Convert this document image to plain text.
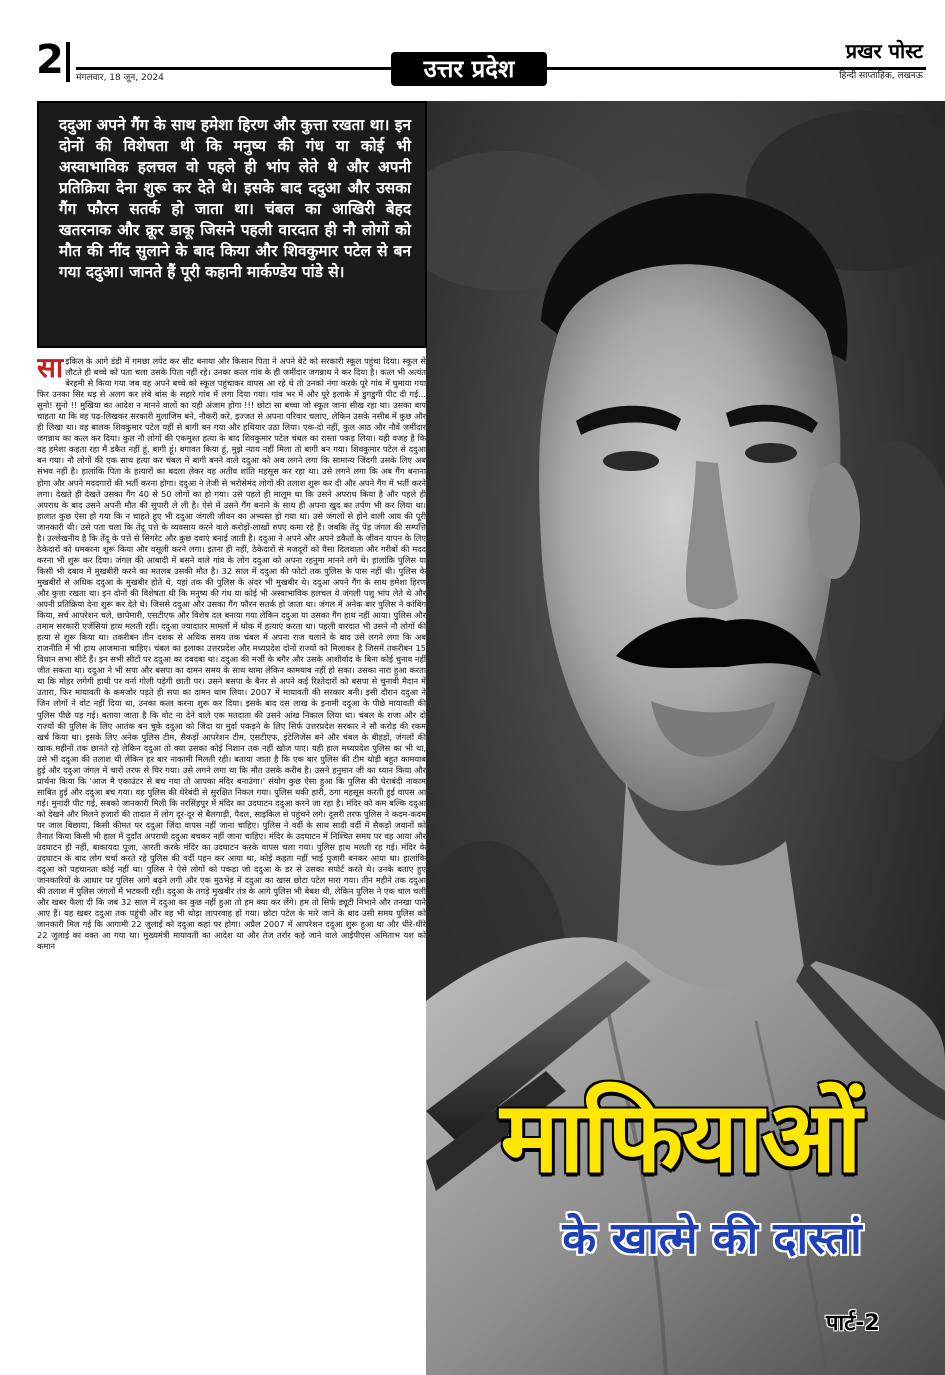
2 मंगलवार, 18 जून, 2024	उत्तर प्रदेश
प्रखर पोस्ट
हिन्दी साप्ताहिक, लखनऊ

ददुआ अपने गैंग के साथ हमेशा हिरण और कुत्ता रखता था। इन दोनों की विशेषता थी कि मनुष्य की गंध या कोई भी अस्वाभाविक हलचल वो पहले ही भांप लेते थे और अपनी प्रतिक्रिया देना शुरू कर देते थे। इसके बाद ददुआ और उसका गैंग फौरन सतर्क हो जाता था। चंबल का आखिरी बेहद खतरनाक और क्रूर डाकू जिसने पहली वारदात ही नौ लोगों को मौत की नींद सुलाने के बाद किया और शिवकुमार पटेल से बन गया ददुआ। जानते हैं पूरी कहानी मार्कण्डेय पांडे से।

साइकिल के आगे डंडी में गमछा लपेट कर सीट बनाया और किसान पिता ने अपने बेटे को सरकारी स्कूल पहुंचा दिया। स्कूल से लौटते ही बच्चे को पता चला उसके पिता नहीं रहे। उनका कत्ल गांव के ही जमींदार जगन्नाथ ने कर दिया है। कत्ल भी अत्यंत बेरहमी से किया गया जब वह अपने बच्चे को स्कूल पहुंचाकर वापस आ रहे थे तो उनको नंगा करके पूरे गांव में घुमाया गया फिर उनका सिर धड़ से अलग कर लंबे बांस के सहारे गांव में लगा दिया गया। गांव भर में और पूरे इलाके में डुगडुगी पीट दी गई... सुनो! सुनो !! मुखिया का आदेश न मानने वालों का यही अंजाम होगा !!! छोटा सा बच्चा जो स्कूल जाना सीख रहा था। उसका बाप चाहता था कि वह पढ़-लिखकर सरकारी मुलाजिम बने, नौकरी करे, इज्जत से अपना परिवार चलाए, लेकिन उसके नसीब में कुछ और ही लिखा था। वह बालक शिवकुमार पटेल यहीं से बागी बन गया और हथियार उठा लिया। एक-दो नहीं, कुल आठ और नौवें जमींदार जगन्नाथ का कत्ल कर दिया। कुल नौ लोगों की एकमुश्त हत्या के बाद शिवकुमार पटेल चंबल का रास्ता पकड़ लिया। यही वजह है कि वह हमेशा कहता रहा मैं डकैत नहीं हूं, बागी हूं। बगावत किया हूं, मुझे न्याय नहीं मिला तो बागी बन गया। शिवकुमार पटेल से ददुआ बन गया। नौ लोगों की एक साथ हत्या कर चंबल में बागी बनने वाले ददुआ को अब लगने लगा कि सामान्य जिंदगी उसके लिए अब संभव नहीं है। हालांकि पिता के हत्यारों का बदला लेकर वह अतीव शांति महसूस कर रहा था। उसे लगने लगा कि अब गैंग बनाना होगा और अपने मददगारों की भर्ती करना होगा। ददुआ ने तेजी से भरोसेमंद लोगों की तलाश शुरू कर दी और अपने गैंग में भर्ती करने लगा। देखते ही देखते उसका गैंग 40 से 50 लोगों का हो गया। उसे पहले ही मालूम था कि उसने अपराध किया है और पहले ही अपराध के बाद उसने अपनी मौत की सुपारी ले ली है। ऐसे में उसने गैंग बनाने के साथ ही अपना खुद का तर्पण भी कर लिया था। हालात कुछ ऐसा हो गया कि न चाहते हुए भी ददुआ जंगली जीवन का अभ्यस्त हो गया था। उसे जंगलों से होने वाली आय की पूरी जानकारी थी। उसे पता चला कि तेंदू पत्ते के व्यवसाय करने वाले करोड़ों-लाखों रुपए कमा रहे हैं। जबकि तेंदू पेड़ जंगल की सम्पत्ति है। उल्लेखनीय है कि तेंदू के पत्ते से सिगरेट और कुछ दवाएं बनाई जाती है। ददुआ ने अपने और अपने डकैतों के जीवन यापन के लिए ठेकेदारों को धमकाना शुरू किया और वसूली करने लगा। इतना ही नहीं, ठेकेदारों से मजदूरों को पैसा दिलवाता और गरीबों की मदद करना भी शुरू कर दिया। जंगल की आबादी में बसने वाले गांव के लोग ददुआ को अपना रहनुमा मानने लगे थे। हालांकि पुलिस या किसी भी दबाव में मुखबीरी करने का मतलब उसकी मौत है। 32 साल में ददुआ की फोटो तक पुलिस के पास नहीं थी। पुलिस के मुखबीरों से अधिक ददुआ के मुखबीर होते थे, यहां तक की पुलिस के अंदर भी मुखबीर थे। ददुआ अपने गैंग के साथ हमेशा हिरण और कुत्ता रखता था। इन दोनों की विशेषता थी कि मनुष्य की गंध या कोई भी अस्वाभाविक हलचल ये जंगली पशु भांप लेते थे और अपनी प्रतिक्रिया देना शुरू कर देते थे। जिससे ददुआ और उसका गैंग फौरन सतर्क हो जाता था। जंगल में अनेक बार पुलिस ने कांबिंग किया, सर्च आपरेशन चले, छापेमारी, एसटीएफ और विशेष दल बनाया गया लेकिन ददुआ या उसका गैंग हाथ नहीं आया। पुलिस और तमाम सरकारी एजेंसियां हाथ मलती रहीं। ददुआ ज्यादातर मामलों में थोक में हत्याएं करता था। पहली वारदात भी उसने नौ लोगों की हत्या से शुरू किया था। तकरीबन तीन दशक से अधिक समय तक चंबल में अपना राज चलाने के बाद उसे लगने लगा कि अब राजनीति में भी हाथ आजमाना चाहिए। चंबल का इलाका उत्तरप्रदेश और मध्यप्रदेश दोनों राज्यों को मिलाकर है जिसमें तकरीबन 15 विधान सभा सीटें हैं। इन सभी सीटों पर ददुआ का दबदबा था। ददुआ की मर्जी के बगैर और उसके आशीर्वाद के बिना कोई चुनाव नहीं जीत सकता था। ददुआ ने भी सपा और बसपा का दामन समय के साथ थामा लेकिन कामयाब नहीं हो सका। उसका नारा हुआ करता था कि मोहर लगेगी हाथी पर वर्ना गोली पड़ेगी छाती पर। उसने बसपा के बैनर से अपने कई रिश्तेदारों को बसपा से चुनावी मैदान में उतारा, फिर मायावती के कमजोर पड़ते ही सपा का दामन थाम लिया। 2007 में मायावती की सरकार बनी। इसी दौरान ददुआ ने जिन लोगों ने वोट नहीं दिया था, उनका कत्ल करना शुरू कर दिया। इसके बाद दस लाख के इनामी ददुआ के पीछे मायावती की पुलिस पीछे पड़ गई। बताया जाता है कि वोट ना देने वाले एक मतदाता की उसने आंख निकाल लिया था। चंबल के राजा और दो राज्यों की पुलिस के लिए आतंक बन चुके ददुआ को जिंदा या मुर्दा पकड़ने के लिए सिर्फ उत्तरप्रदेश सरकार ने सौ करोड़ की रकम खर्च किया था। इसके लिए अनेक पुलिस टीम, सैकड़ों आपरेशन टीम, एसटीएफ, इंटेलिजेंस बने और चंबल के बीहड़ों, जंगलों की खाक महीनों तक छानते रहे लेकिन ददुआ तो क्या उसका कोई निशान तक नहीं खोज पाए। यही हाल मध्यप्रदेश पुलिस का भी था, उसे भी ददुआ की तलाश थी लेकिन हर बार नाकामी मिलती रही। बताया जाता है कि एक बार पुलिस की टीम थोड़ी बहुत कामयाब हुई और ददुआ जंगल में चारों तरफ से घिर गया। उसे लगने लगा था कि मौत उसके करीब है। उसने हनुमान जी का ध्यान किया और प्रार्थना किया कि 'आज मै एकाउंटर से बच गया तो आपका मंदिर बनाउंगा।' संयोग कुछ ऐसा हुआ कि पुलिस की घेराबंदी नाकाम साबित हुई और ददुआ बच गया। वह पुलिस की घेरेबंदी से सुरक्षित निकल गया। पुलिस थकी हारी, ठगा महसूस करती हुई वापस आ गई। मुनादी पीट गई, सबको जानकारी मिली कि नरसिंहपुर में मंदिर का उदघाटन ददुआ करने जा रहा है। मंदिर को कम बल्कि ददुआ को देखने और मिलने हजारों की तादात में लोग दूर-दूर से बैलगाड़ी, पैदल, साइकिल से पहुंचने लगे। दूसरी तरफ पुलिस ने कदम-कदम पर जाल बिछाया, किसी कीमत पर ददुआ जिंदा वापस नहीं जाना चाहिए। पुलिस ने वर्दी के साथ सादी वर्दी में सैकड़ों जवानों को तैनात किया किसी भी हाल में दुर्दांत अपराधी ददुआ बचकर नहीं जाना चाहिए। मंदिर के उदघाटन में निश्चित समय पर वह आया और उदघाटन ही नहीं, बाकायदा पूजा, आरती करके मंदिर का उदघाटन करके वापस चला गया। पुलिस हाथ मलती रह गई। मंदिर के उदघाटन के बाद लोग चर्चा करते रहे पुलिस की वर्दी पहन कर आया था, कोई कहता नहीं भाई पुजारी बनकर आया था। हालांकि ददुआ को पहचानता कोई नहीं था। पुलिस ने ऐसे लोगों को पकड़ा जो ददुआ के डर से उसका सपोर्ट करते थे। उनके बताए हुए जानकारियों के आधार पर पुलिस आगे बढ़ने लगी और एक मुठभेड़ में ददुआ का खास छोटा पटेल मारा गया। तीन महीने तक ददुआ की तलाश में पुलिस जंगलों में भटकती रही। ददुआ के तगड़े मुखबीर तंत्र के आगे पुलिस भी बेबश थी, लेकिन पुलिस ने एक चाल चली और खबर फैला दी कि जब 32 साल में ददुआ का कुछ नहीं हुआ तो हम क्या कर लेंगे। हम तो सिर्फ ड्यूटी निभाने और तनखा पाने आए हैं। यह खबर ददुआ तक पहुंची और वह भी थोड़ा लापरवाह हो गया। छोटा पटेल के मारे जाने के बाद उसी समय पुलिस को जानकारी मिल गई कि आगामी 22 जुलाई को ददुआ कहां पर होगा। अप्रैल 2007 में आपरेशन ददुआ शुरू हुआ था और धीरे-धीरे 22 जुलाई का वक्त आ गया था। मुख्यमंत्री मायावती का आदेश था और तेज तर्रार कहे जाने वाले आईपीएस अमिताभ यश को कमान

माफियाओं
के खात्मे की दास्तां
पार्ट-2
